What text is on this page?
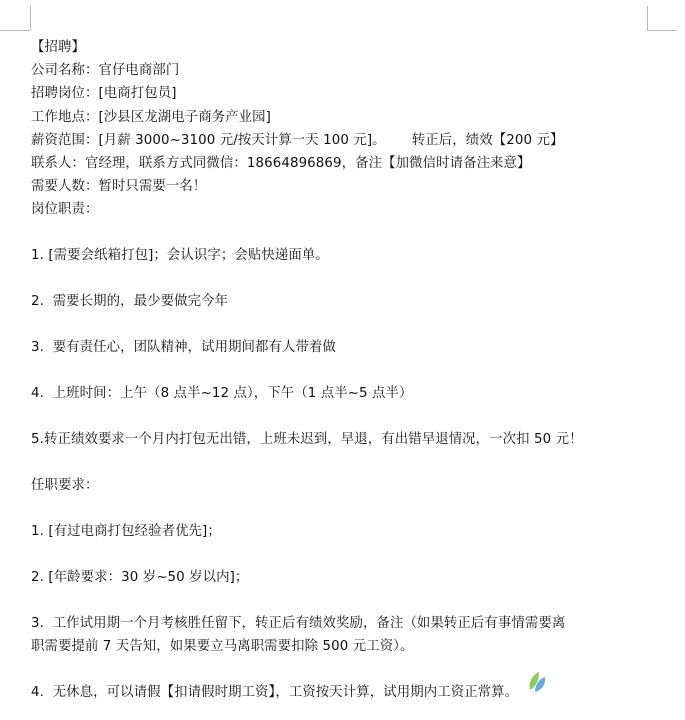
【招聘】
公司名称：官仔电商部门
招聘岗位：[电商打包员]
工作地点：[沙县区龙湖电子商务产业园]
薪资范围：[月薪 3000~3100 元/按天计算一天 100 元]。      转正后，绩效【200 元】
联系人：官经理，联系方式同微信：18664896869，备注【加微信时请备注来意】
需要人数：暂时只需要一名！
岗位职责：
1. [需要会纸箱打包]；会认识字；会贴快递面单。
2.  需要长期的，最少要做完今年
3.  要有责任心，团队精神，试用期间都有人带着做
4.  上班时间：上午（8 点半~12 点），下午（1 点半~5 点半）
5.转正绩效要求一个月内打包无出错，上班未迟到，早退，有出错早退情况，一次扣 50 元！
任职要求：
1. [有过电商打包经验者优先]；
2. [年龄要求：30 岁~50 岁以内]；
3.  工作试用期一个月考核胜任留下，转正后有绩效奖励，备注（如果转正后有事情需要离
职需要提前 7 天告知，如果要立马离职需要扣除 500 元工资）。
4.  无休息，可以请假【扣请假时期工资】，工资按天计算，试用期内工资正常算。
